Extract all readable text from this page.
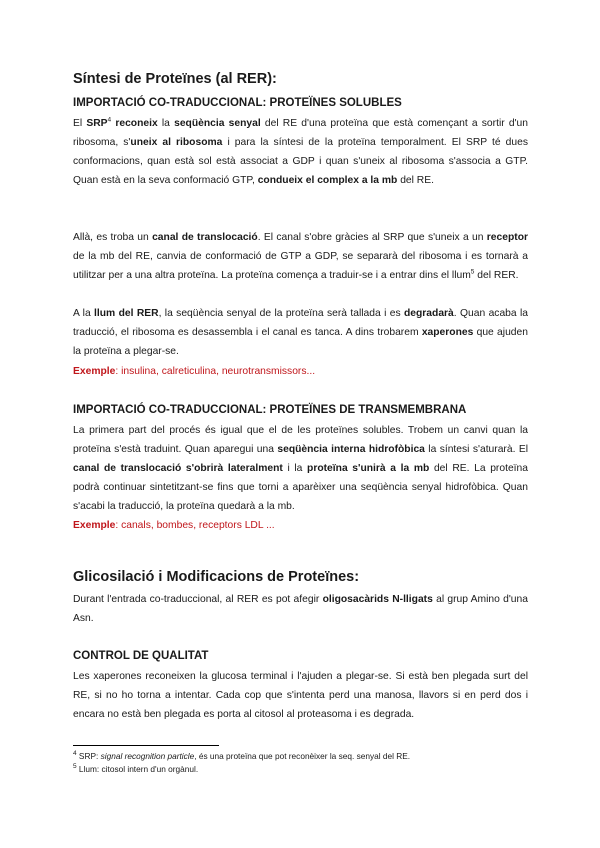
Síntesi de Proteïnes (al RER):
IMPORTACIÓ CO-TRADUCCIONAL: PROTEÏNES SOLUBLES
El SRP$^4$ reconeix la seqüència senyal del RE d'una proteïna que està començant a sortir d'un ribosoma, s'uneix al ribosoma i para la síntesi de la proteïna temporalment. El SRP té dues conformacions, quan està sol està associat a GDP i quan s'uneix al ribosoma s'associa a GTP. Quan està en la seva conformació GTP, condueix el complex a la mb del RE.
Allà, es troba un canal de translocació. El canal s'obre gràcies al SRP que s'uneix a un receptor de la mb del RE, canvia de conformació de GTP a GDP, se separarà del ribosoma i es tornarà a utilitzar per a una altra proteïna. La proteïna comença a traduir-se i a entrar dins el llum$^5$ del RER.
A la llum del RER, la seqüència senyal de la proteïna serà tallada i es degradarà. Quan acaba la traducció, el ribosoma es desassembla i el canal es tanca. A dins trobarem xaperones que ajuden la proteïna a plegar-se.
Exemple: insulina, calreticulina, neurotransmissors...
IMPORTACIÓ CO-TRADUCCIONAL: PROTEÏNES DE TRANSMEMBRANA
La primera part del procés és igual que el de les proteïnes solubles. Trobem un canvi quan la proteïna s'està traduint. Quan aparegui una seqüència interna hidrofòbica la síntesi s'aturarà. El canal de translocació s'obrirà lateralment i la proteïna s'unirà a la mb del RE. La proteïna podrà continuar sintetitzant-se fins que torni a aparèixer una seqüència senyal hidrofòbica. Quan s'acabi la traducció, la proteïna quedarà a la mb.
Exemple: canals, bombes, receptors LDL ...
Glicosilació i Modificacions de Proteïnes:
Durant l'entrada co-traduccional, al RER es pot afegir oligosacàrids N-lligats al grup Amino d'una Asn.
CONTROL DE QUALITAT
Les xaperones reconeixen la glucosa terminal i l'ajuden a plegar-se. Si està ben plegada surt del RE, si no ho torna a intentar. Cada cop que s'intenta perd una manosa, llavors si en perd dos i encara no està ben plegada es porta al citosol al proteasoma i es degrada.
$^4$ SRP: signal recognition particle, és una proteïna que pot reconèixer la seq. senyal del RE.
$^5$ Llum: citosol intern d'un orgànul.
